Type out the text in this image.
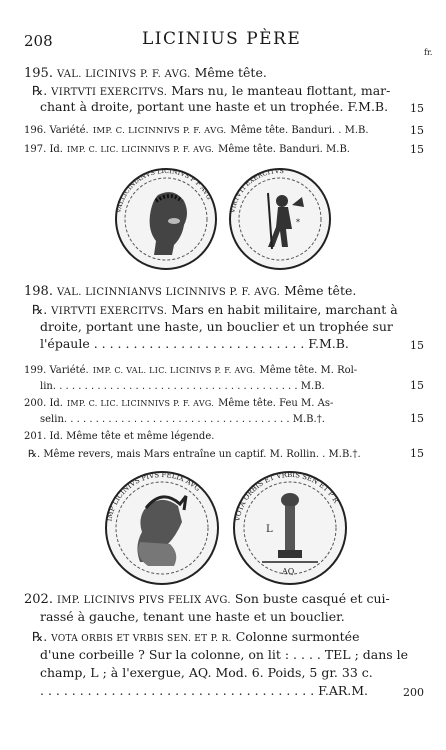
208	LICINIUS PÈRE
fr.
195. VAL. LICINIVS P. F. AVG. Même tête.
℞. VIRTVTI EXERCITVS. Mars nu, le manteau flottant, mar-
chant à droite, portant une haste et un trophée. F.M.B. 15
196. Variété. IMP. C. LICINNIVS P. F. AVG. Même tête. Banduri. . M.B.	15
197. Id. IMP. C. LIC. LICINNIVS P. F. AVG. Même tête. Banduri. M.B.	15
VALLICINIANVS LICINIVS P F AVG
*
VIRTVTI EXERCITVS
198. VAL. LICINNIANVS LICINNIVS P. F. AVG. Même tête.
℞. VIRTVTI EXERCITVS. Mars en habit militaire, marchant à
droite, portant une haste, un bouclier et un trophée sur
l'épaule . . . . . . . . . . . . . . . . . . . . . . . . . . . F.M.B.	15
199. Variété. IMP. C. VAL. LIC. LICINIVS P. F. AVG. Même tête. M. Rol-
lin. . . . . . . . . . . . . . . . . . . . . . . . . . . . . . . . . . . . . . . M.B.	15
200. Id. IMP. C. LIC. LICINNIVS P. F. AVG. Même tête. Feu M. As-
selin. . . . . . . . . . . . . . . . . . . . . . . . . . . . . . . . . . . . M.B.†.	15
201. Id. Même tête et même légende.
℞. Même revers, mais Mars entraîne un captif. M. Rollin. . M.B.†.	15
IMP LICINIVS PIVS FELIX AVG
L
AQ
VOTA ORBIS ET VRBIS SEN ET P R
202. IMP. LICINIVS PIVS FELIX AVG. Son buste casqué et cui-
rassé à gauche, tenant une haste et un bouclier.
℞. VOTA ORBIS ET VRBIS SEN. ET P. R. Colonne surmontée
d'une corbeille ? Sur la colonne, on lit : . . . . TEL ; dans le
champ, L ; à l'exergue, AQ. Mod. 6. Poids, 5 gr. 33 c.
. . . . . . . . . . . . . . . . . . . . . . . . . . . . . . . . . . . F.AR.M.	200
